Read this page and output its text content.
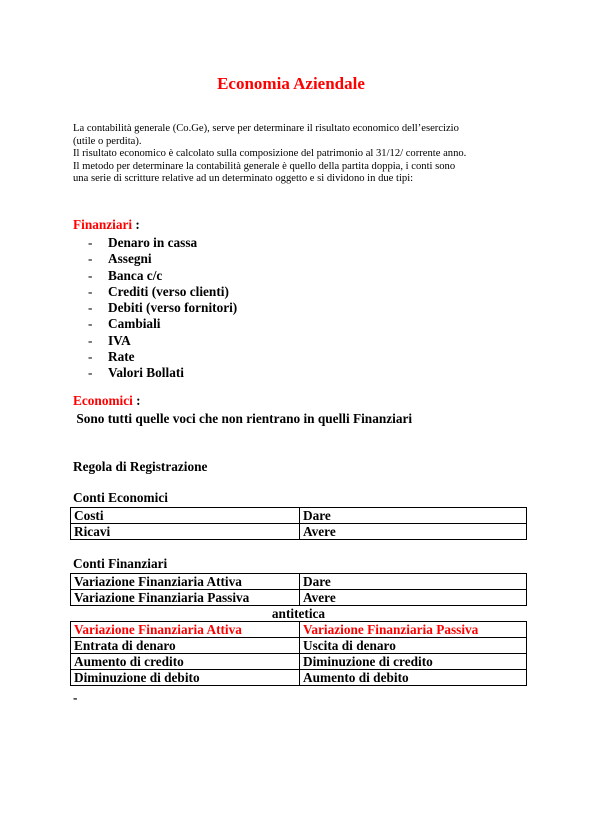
Economia Aziendale

La contabilità generale (Co.Ge), serve per determinare il risultato economico dell’esercizio

(utile o perdita).

Il risultato economico è calcolato sulla composizione del patrimonio al 31/12/ corrente anno.

Il metodo per determinare la contabilità generale è quello della partita doppia, i conti sono

una serie di scritture relative ad un determinato oggetto e si dividono in due tipi:

Finanziari :
- Denaro in cassa
- Assegni
- Banca c/c
- Crediti (verso clienti)
- Debiti (verso fornitori)
- Cambiali
- IVA
- Rate
- Valori Bollati
Economici :
Sono tutti quelle voci che non rientrano in quelli Finanziari
Regola di Registrazione
Conti Economici
Costi	Dare
Ricavi	Avere
Conti Finanziari
Variazione Finanziaria Attiva	Dare
Variazione Finanziaria Passiva	Avere
antitetica	
Variazione Finanziaria Attiva	Variazione Finanziaria Passiva
Entrata di denaro	Uscita di denaro
Aumento di credito	Diminuzione di credito
Diminuzione di debito	Aumento di debito
-
